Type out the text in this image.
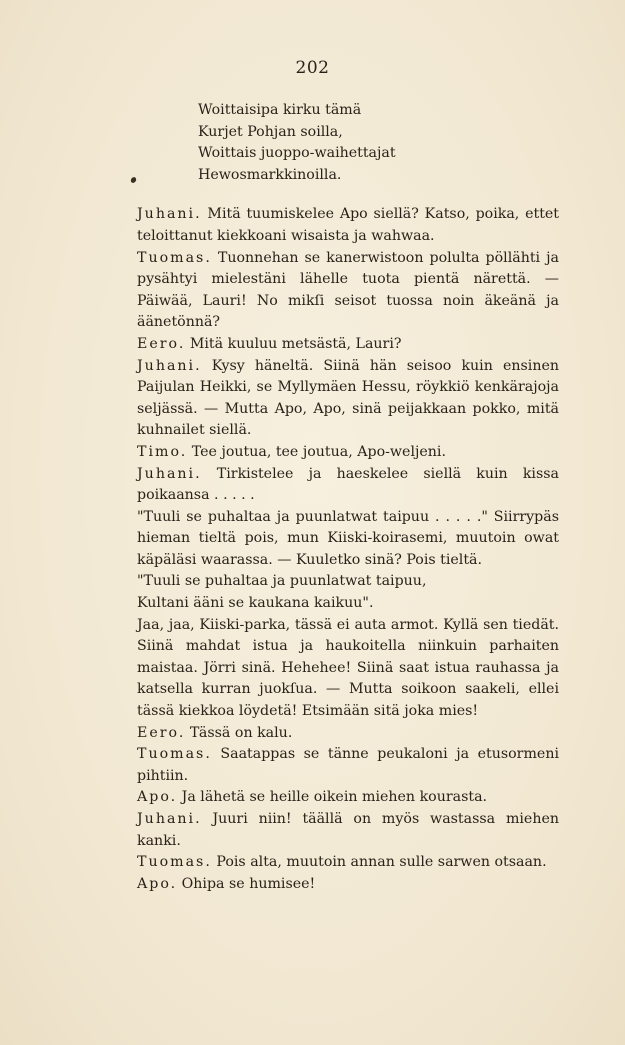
202
Woittaisipa kirku tämä
Kurjet Pohjan soilla,
Woittais juoppo-waihettajat
Hewosmarkkinoilla.

Juhani. Mitä tuumiskelee Apo siellä? Katso, poika, ettet teloittanut kiekkoani wisaista ja wahwaa.

Tuomas. Tuonnehan se kanerwistoon polulta pöllähti ja pysähtyi mielestäni lähelle tuota pientä närettä. — Päiwää, Lauri! No mikſi seisot tuossa noin äkeänä ja äänetönnä?

Eero. Mitä kuuluu metsästä, Lauri?

Juhani. Kysy häneltä. Siinä hän seisoo kuin ensinen Paijulan Heikki, se Myllymäen Hessu, röykkiö kenkärajoja seljässä. — Mutta Apo, Apo, sinä peijakkaan pokko, mitä kuhnailet siellä.

Timo. Tee joutua, tee joutua, Apo-weljeni.

Juhani. Tirkistelee ja haeskelee siellä kuin kissa poikaansa . . . . .

"Tuuli se puhaltaa ja puunlatwat taipuu . . . . ." Siirrypäs hieman tieltä pois, mun Kiiski-koirasemi, muutoin owat käpäläsi waarassa. — Kuuletko sinä? Pois tieltä.

"Tuuli se puhaltaa ja puunlatwat taipuu,
Kultani ääni se kaukana kaikuu".

Jaa, jaa, Kiiski-parka, tässä ei auta armot. Kyllä sen tiedät. Siinä mahdat istua ja haukoitella niinkuin parhaiten maistaa. Jörri sinä. Hehehee! Siinä saat istua rauhassa ja katsella kurran juokſua. — Mutta soikoon saakeli, ellei tässä kiekkoa löydetä! Etsimään sitä joka mies!

Eero. Tässä on kalu.

Tuomas. Saatappas se tänne peukaloni ja etusormeni pihtiin.

Apo. Ja lähetä se heille oikein miehen kourasta.

Juhani. Juuri niin! täällä on myös wastassa miehen kanki.

Tuomas. Pois alta, muutoin annan sulle sarwen otsaan.

Apo. Ohipa se humisee!
